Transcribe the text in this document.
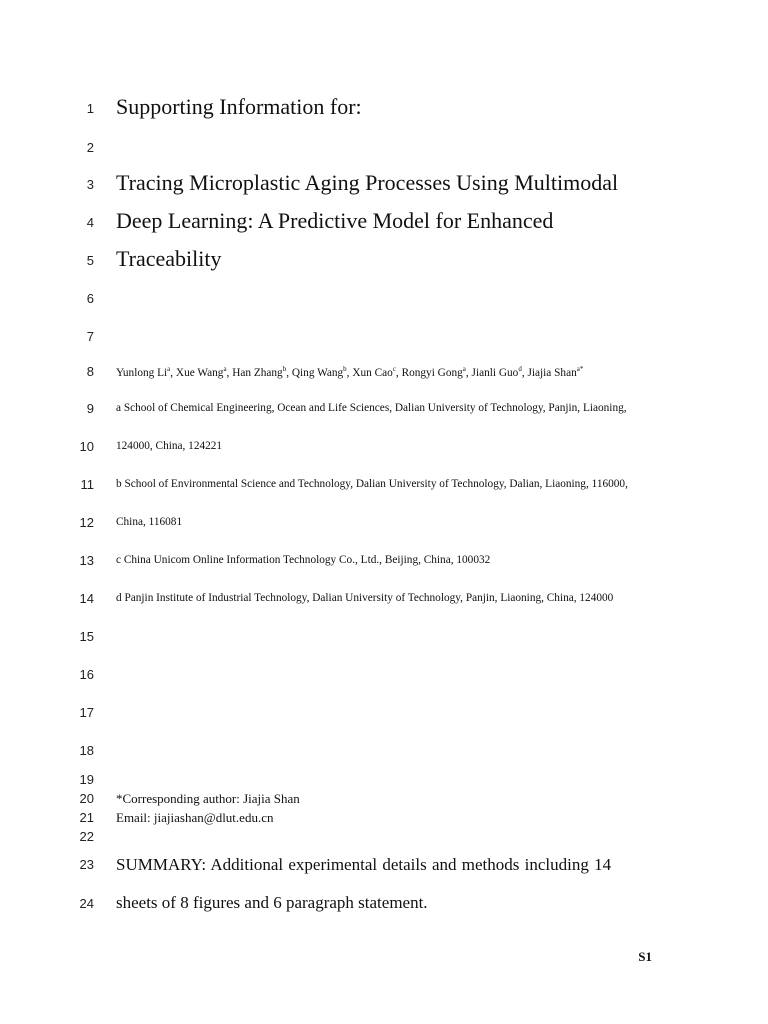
1
2
3
4
5
6
7
8
9
10
11
12
13
14
15
16
17
18
19
20
21
22
23
24
Supporting Information for:
Tracing Microplastic Aging Processes Using Multimodal
Deep Learning: A Predictive Model for Enhanced
Traceability
Yunlong Li$^a$, Xue Wang$^a$, Han Zhang$^b$, Qing Wang$^b$, Xun Cao$^c$, Rongyi Gong$^a$, Jianli Guo$^d$, Jiajia Shan$^{a*}$
a School of Chemical Engineering, Ocean and Life Sciences, Dalian University of Technology, Panjin, Liaoning,
124000, China, 124221
b School of Environmental Science and Technology, Dalian University of Technology, Dalian, Liaoning, 116000,
China, 116081
c China Unicom Online Information Technology Co., Ltd., Beijing, China, 100032
d Panjin Institute of Industrial Technology, Dalian University of Technology, Panjin, Liaoning, China, 124000
*Corresponding author: Jiajia Shan
Email: jiajiashan@dlut.edu.cn
SUMMARY: Additional experimental details and methods including 14
sheets of 8 figures and 6 paragraph statement.
S1
